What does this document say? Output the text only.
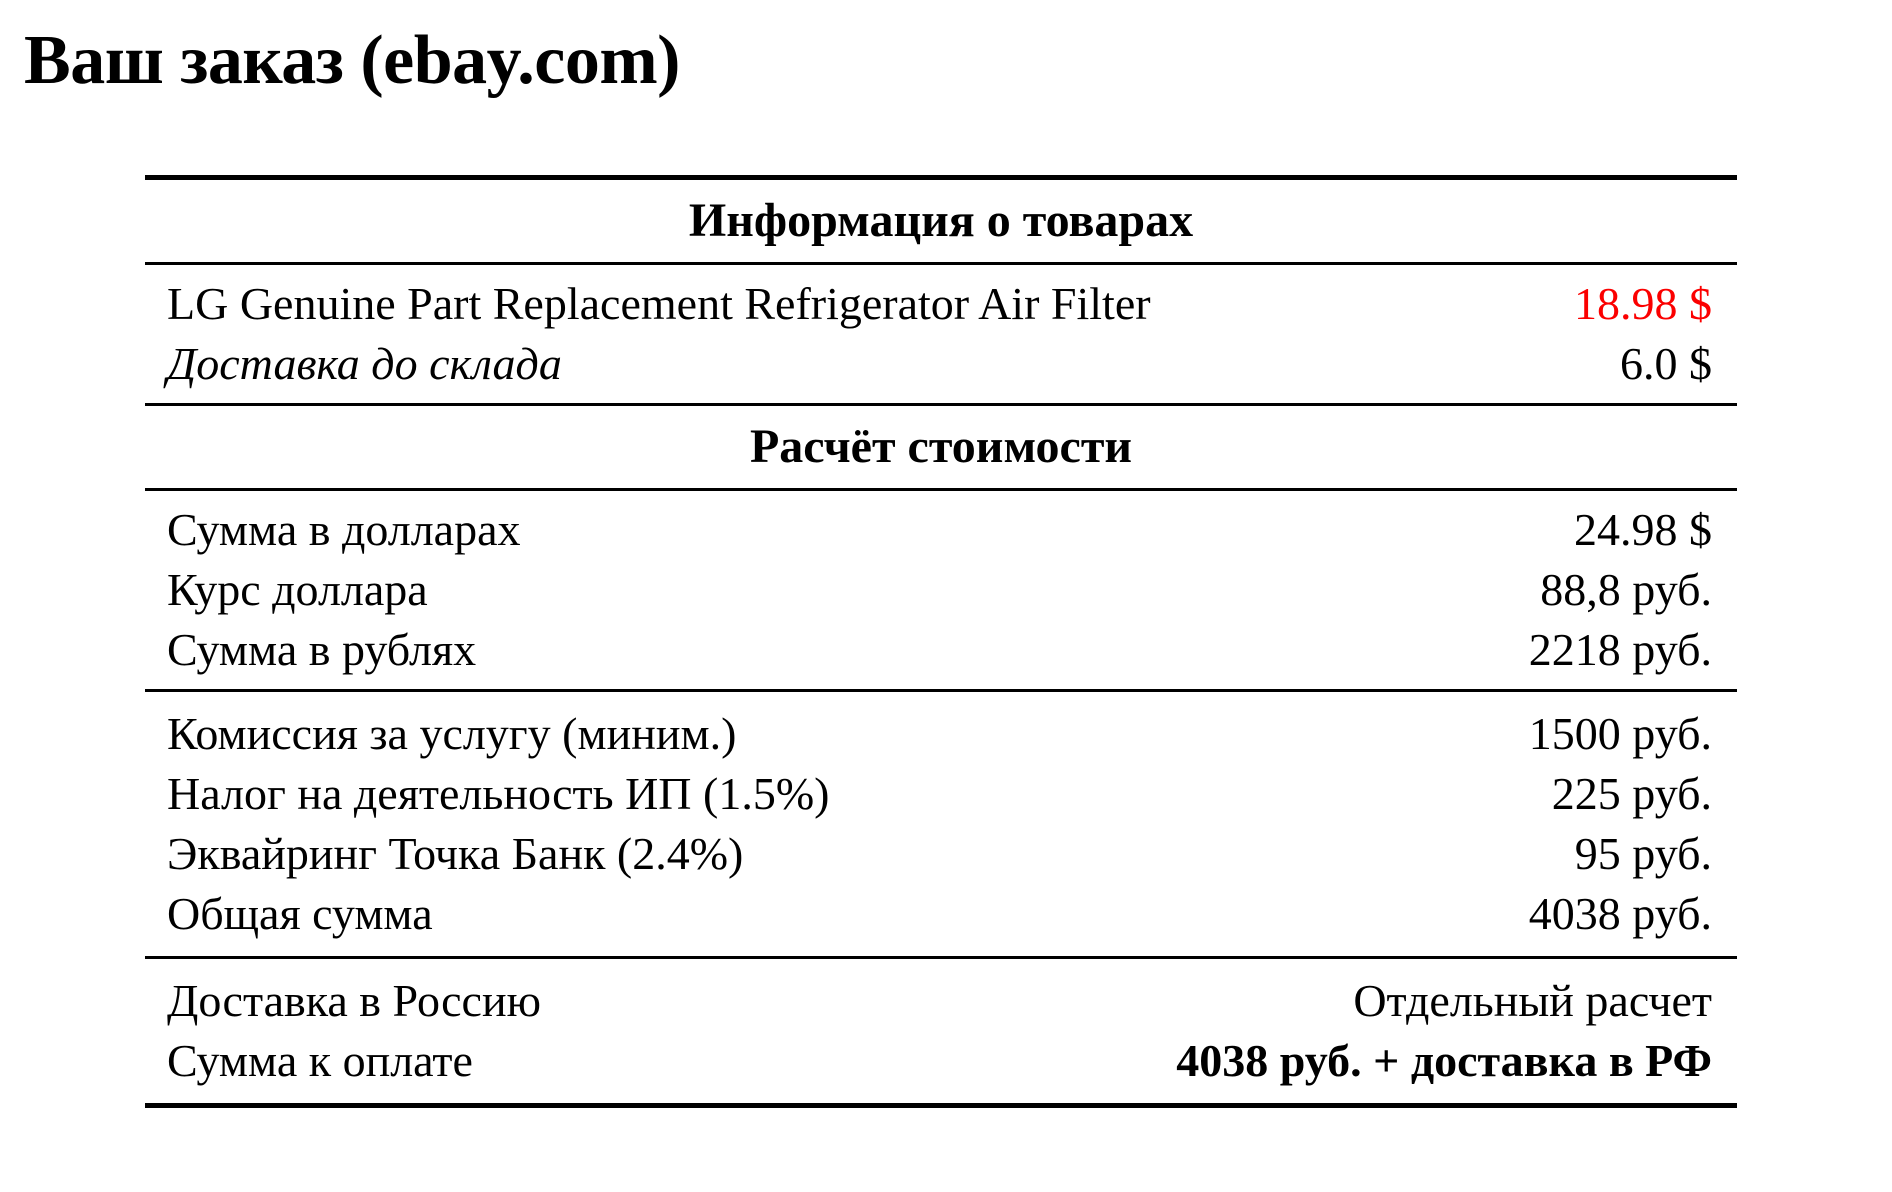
Ваш заказ (ebay.com)
Информация о товарах
LG Genuine Part Replacement Refrigerator Air Filter	18.98 $
Доставка до склада	6.0 $
Расчёт стоимости
Сумма в долларах	24.98 $
Курс доллара	88,8 руб.
Сумма в рублях	2218 руб.
Комиссия за услугу (миним.)	1500 руб.
Налог на деятельность ИП (1.5%)	225 руб.
Эквайринг Точка Банк (2.4%)	95 руб.
Общая сумма	4038 руб.
Доставка в Россию	Отдельный расчет
Сумма к оплате	4038 руб. + доставка в РФ
